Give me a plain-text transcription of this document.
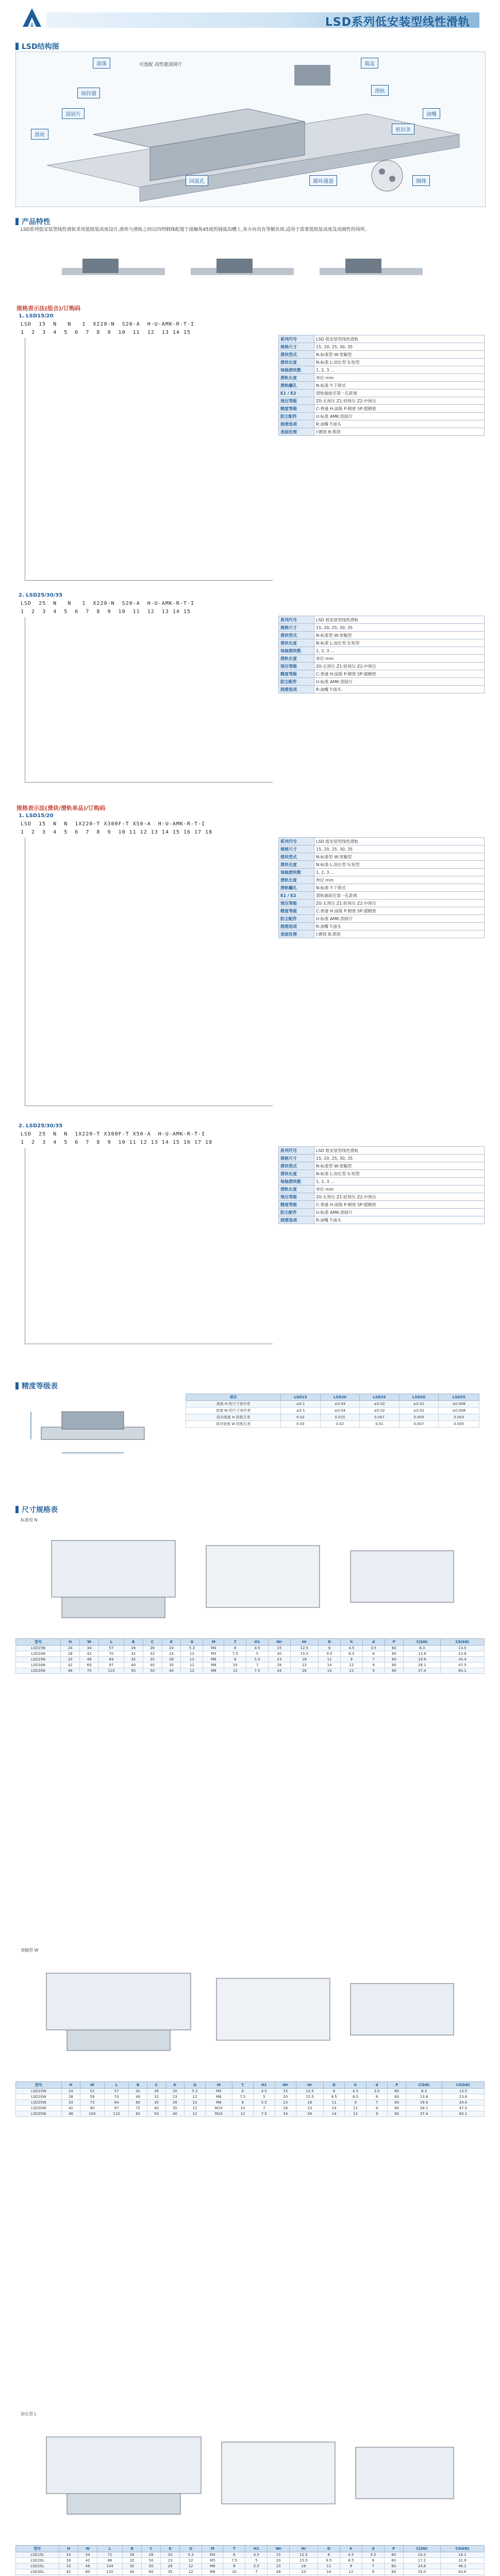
LSD系列低安装型线性滑轨
LSD结构图
滚珠	端盖
保持器
刮屑片
滑块
滑轨
油嘴
密封条
回流孔	循环通道	钢珠
可选配 高性能刮屑片
产品特性
LSD系列低安装型线性滑轨采用低组装高度设计,滑块与滑轨之间以四列钢珠配置于接触角45度的圆弧沟槽上,各方向具有等额负荷,适用于需要低组装高度及高刚性的场所。
规格表示法(组合)/订购码
1. LSD15/20
LSD  15  N   N   1  X220-N  S20-A  H-U-AMK-R-T-I
1  2  3  4  5  6  7  8  9  10  11  12  13 14 15
系列代号	LSD 低安装型线性滑轨
规格尺寸	15, 20, 25, 30, 35
滑块型式	N:标准型 W:宽幅型
滑块长度	N:标准 L:加长型 S:短型
每轴滑块数	1, 2, 3 ...
滑轨长度	单位 mm
滑轨螺孔	N:标准 T:下锁式
E1 / E2	滑轨端面至第一孔距离
预压等级	Z0:无预压 Z1:轻预压 Z2:中预压
精度等级	C:普通 H:高级 P:精密 SP:超精密
防尘配件	U:标准 AMK:刮屑片
润滑选项	R:油嘴 T:接头
表面处理	I:镀铬 B:黑铬
2. LSD25/30/35
LSD  25  N   N   1  X220-N  S20-A  H-U-AMK-R-T-I
1  2  3  4  5  6  7  8  9  10  11  12  13 14 15
系列代号	LSD 低安装型线性滑轨
规格尺寸	15, 20, 25, 30, 35
滑块型式	N:标准型 W:宽幅型
滑块长度	N:标准 L:加长型 S:短型
每轴滑块数	1, 2, 3 ...
滑轨长度	单位 mm
预压等级	Z0:无预压 Z1:轻预压 Z2:中预压
精度等级	C:普通 H:高级 P:精密 SP:超精密
防尘配件	U:标准 AMK:刮屑片
润滑选项	R:油嘴 T:接头
规格表示法(滑块/滑轨单品)/订购码
1. LSD15/20
LSD  15  N  N  1X220-T X300F-T X50-A  H-U-AMK-R-T-I
1  2  3  4  5  6  7  8  9  10 11 12 13 14 15 16 17 18
系列代号	LSD 低安装型线性滑轨
规格尺寸	15, 20, 25, 30, 35
滑块型式	N:标准型 W:宽幅型
滑块长度	N:标准 L:加长型 S:短型
每轴滑块数	1, 2, 3 ...
滑轨长度	单位 mm
滑轨螺孔	N:标准 T:下锁式
E1 / E2	滑轨端面至第一孔距离
预压等级	Z0:无预压 Z1:轻预压 Z2:中预压
精度等级	C:普通 H:高级 P:精密 SP:超精密
防尘配件	U:标准 AMK:刮屑片
润滑选项	R:油嘴 T:接头
表面处理	I:镀铬 B:黑铬
2. LSD25/30/35
LSD  25  N  N  1X220-T X300F-T X50-A  H-U-AMK-R-T-I
1  2  3  4  5  6  7  8  9  10 11 12 13 14 15 16 17 18
系列代号	LSD 低安装型线性滑轨
规格尺寸	15, 20, 25, 30, 35
滑块型式	N:标准型 W:宽幅型
滑块长度	N:标准 L:加长型 S:短型
每轴滑块数	1, 2, 3 ...
滑轨长度	单位 mm
预压等级	Z0:无预压 Z1:轻预压 Z2:中预压
精度等级	C:普通 H:高级 P:精密 SP:超精密
防尘配件	U:标准 AMK:刮屑片
润滑选项	R:油嘴 T:接头
精度等级表
项目	LSD15	LSD20	LSD25	LSD30	LSD35
高度 H 的尺寸容许差	±0.1	±0.04	±0.02	±0.01	±0.008
宽度 W 的尺寸容许差	±0.1	±0.04	±0.02	±0.01	±0.008
成对高度 H 的相互差	0.02	0.015	0.007	0.005	0.003
成对宽度 W 的相互差	0.03	0.02	0.01	0.007	0.005
尺寸规格表
标准型 N
型号	H	W	L	B	C	K	G	M	T	H1	Wr	Hr	D	h	d	P	C(kN)	C0(kN)
LSD15N	24	34	57	26	26	20	5.3	M4	6	4.5	15	12.5	6	4.5	3.5	60	8.3	13.5
LSD20N	28	42	70	32	32	23	12	M5	7.5	5	20	15.5	9.5	8.5	6	60	13.8	23.8
LSD25N	33	48	84	35	35	28	12	M6	8	5.5	23	18	11	9	7	60	19.9	34.4
LSD30N	42	60	97	40	40	35	12	M8	10	7	28	23	14	12	9	80	28.1	47.5
LSD35N	48	70	110	50	50	40	12	M8	12	7.5	34	26	14	12	9	80	37.4	60.1
宽幅型 W
型号	H	W	L	B	C	K	G	M	T	H1	Wr	Hr	D	h	d	P	C(kN)	C0(kN)
LSD15W	24	52	57	41	26	20	5.3	M5	6	4.5	15	12.5	6	4.5	3.5	60	8.3	13.5
LSD20W	28	59	70	49	32	23	12	M6	7.5	5	20	15.5	9.5	8.5	6	60	13.8	23.8
LSD25W	33	73	84	60	35	28	12	M8	8	5.5	23	18	11	9	7	60	19.9	34.4
LSD30W	42	90	97	72	40	35	12	M10	10	7	28	23	14	12	9	80	28.1	47.5
LSD35W	48	100	110	82	50	40	12	M10	12	7.5	34	26	14	12	9	80	37.4	60.1
加长型 L
型号	H	W	L	B	C	K	G	M	T	H1	Wr	Hr	D	h	d	P	C(kN)	C0(kN)
LSD15L	24	34	72	26	26	20	5.3	M4	6	4.5	15	12.5	6	4.5	3.5	60	10.2	18.1
LSD20L	28	42	86	32	50	23	12	M5	7.5	5	20	15.5	9.5	8.5	6	60	17.2	31.9
LSD25L	33	48	104	35	50	28	12	M6	8	5.5	23	18	11	9	7	60	24.8	46.1
LSD30L	42	60	120	40	60	35	12	M8	10	7	28	23	14	12	9	80	35.0	63.6
